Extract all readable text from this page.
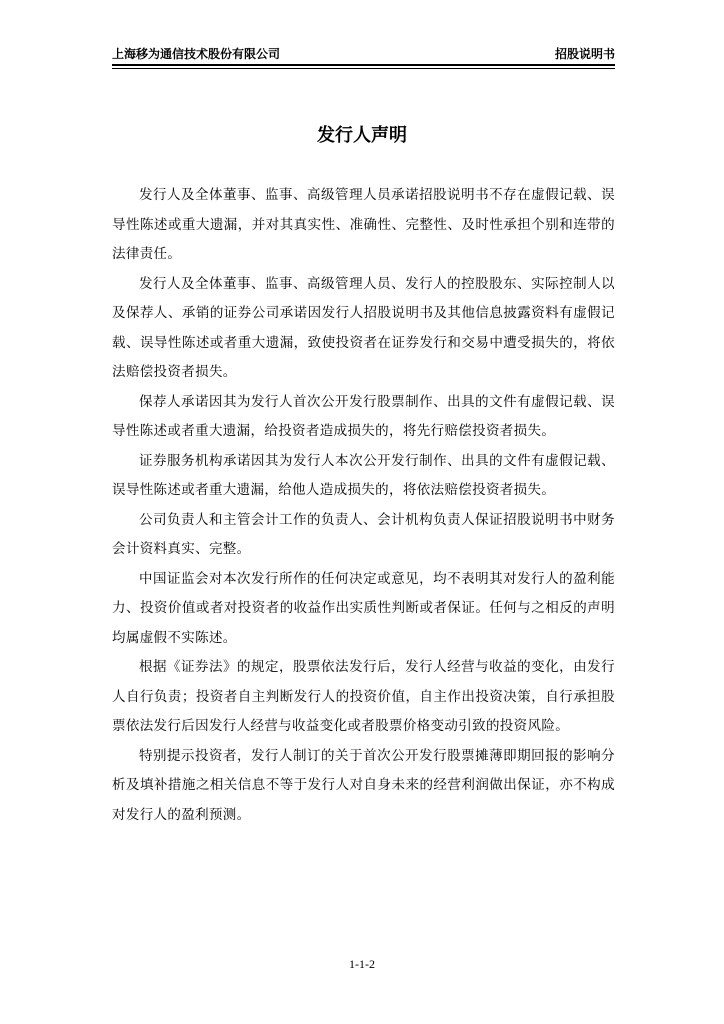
上海移为通信技术股份有限公司	招股说明书
发行人声明

发行人及全体董事、监事、高级管理人员承诺招股说明书不存在虚假记载、误导性陈述或重大遗漏，并对其真实性、准确性、完整性、及时性承担个别和连带的法律责任。

发行人及全体董事、监事、高级管理人员、发行人的控股股东、实际控制人以及保荐人、承销的证券公司承诺因发行人招股说明书及其他信息披露资料有虚假记载、误导性陈述或者重大遗漏，致使投资者在证券发行和交易中遭受损失的，将依法赔偿投资者损失。

保荐人承诺因其为发行人首次公开发行股票制作、出具的文件有虚假记载、误导性陈述或者重大遗漏，给投资者造成损失的，将先行赔偿投资者损失。

证券服务机构承诺因其为发行人本次公开发行制作、出具的文件有虚假记载、误导性陈述或者重大遗漏，给他人造成损失的，将依法赔偿投资者损失。

公司负责人和主管会计工作的负责人、会计机构负责人保证招股说明书中财务会计资料真实、完整。

中国证监会对本次发行所作的任何决定或意见，均不表明其对发行人的盈利能力、投资价值或者对投资者的收益作出实质性判断或者保证。任何与之相反的声明均属虚假不实陈述。

根据《证券法》的规定，股票依法发行后，发行人经营与收益的变化，由发行人自行负责；投资者自主判断发行人的投资价值，自主作出投资决策，自行承担股票依法发行后因发行人经营与收益变化或者股票价格变动引致的投资风险。

特别提示投资者，发行人制订的关于首次公开发行股票摊薄即期回报的影响分析及填补措施之相关信息不等于发行人对自身未来的经营利润做出保证，亦不构成对发行人的盈利预测。

1-1-2
